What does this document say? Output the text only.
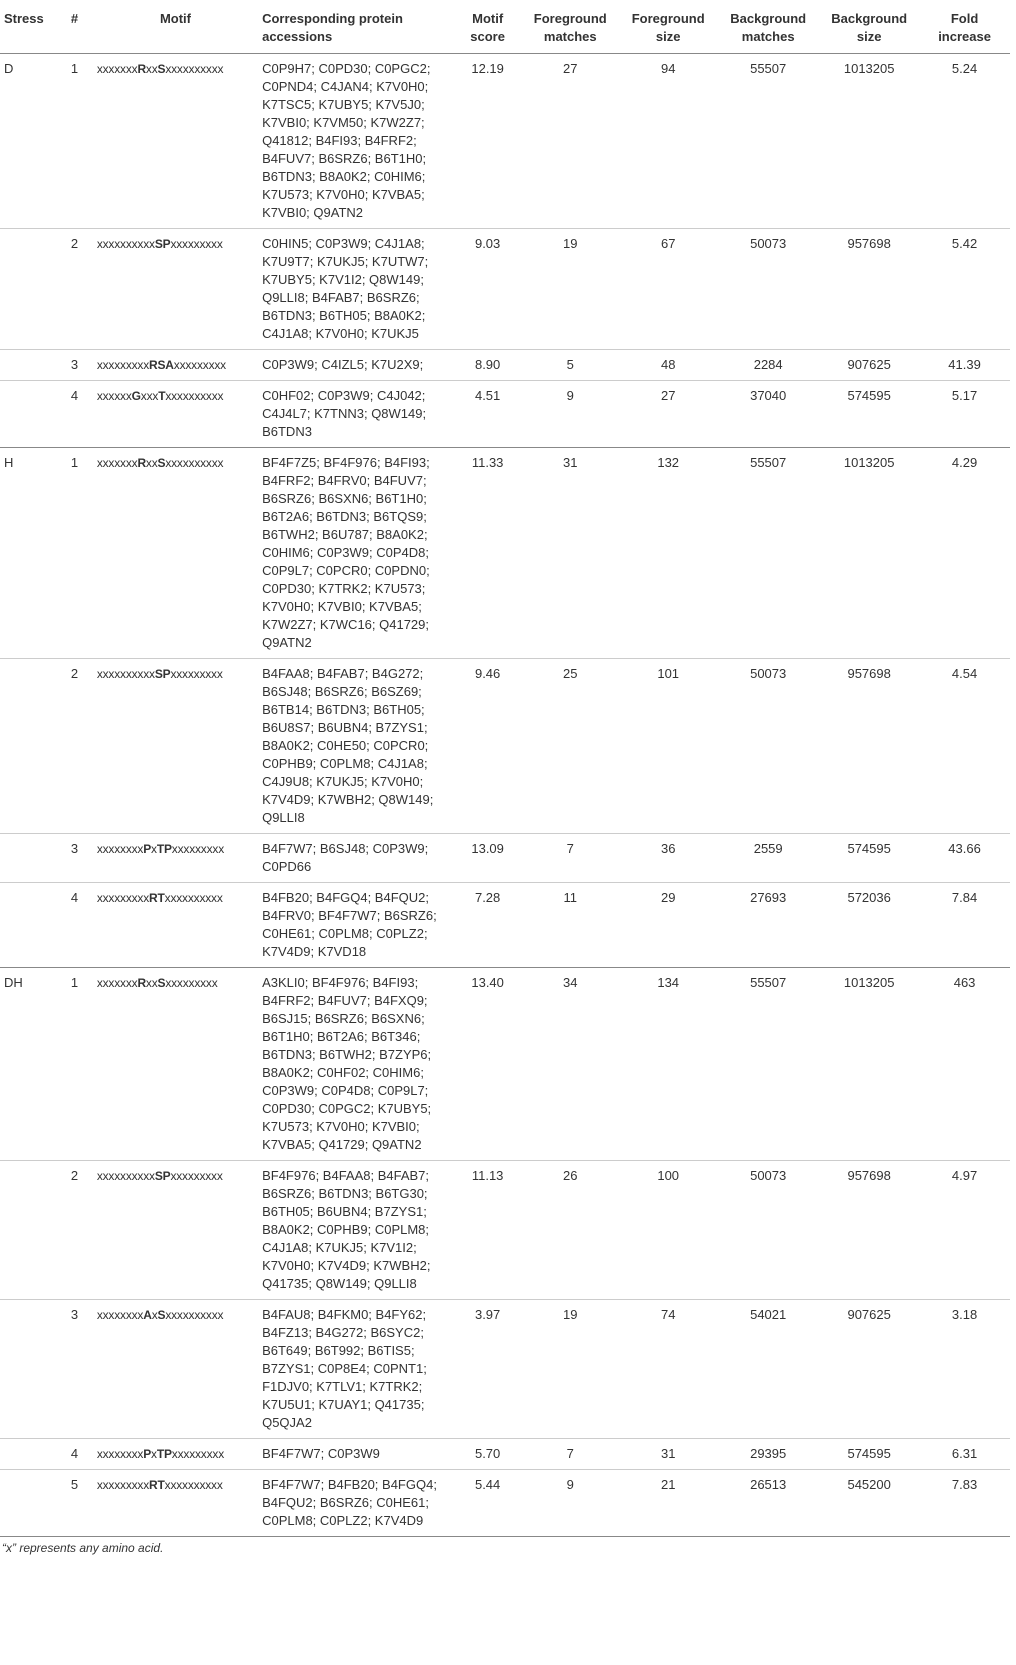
Stress	#	Motif	Corresponding protein accessions	Motif score	Foreground matches	Foreground size	Background matches	Background size	Fold increase
D	1	xxxxxxxRxxSxxxxxxxxxx	C0P9H7; C0PD30; C0PGC2; C0PND4; C4JAN4; K7V0H0; K7TSC5; K7UBY5; K7V5J0; K7VBI0; K7VM50; K7W2Z7; Q41812; B4FI93; B4FRF2; B4FUV7; B6SRZ6; B6T1H0; B6TDN3; B8A0K2; C0HIM6; K7U573; K7V0H0; K7VBA5; K7VBI0; Q9ATN2	12.19	27	94	55507	1013205	5.24
	2	xxxxxxxxxxSPxxxxxxxxx	C0HIN5; C0P3W9; C4J1A8; K7U9T7; K7UKJ5; K7UTW7; K7UBY5; K7V1I2; Q8W149; Q9LLI8; B4FAB7; B6SRZ6; B6TDN3; B6TH05; B8A0K2; C4J1A8; K7V0H0; K7UKJ5	9.03	19	67	50073	957698	5.42
	3	xxxxxxxxxRSAxxxxxxxxx	C0P3W9; C4IZL5; K7U2X9;	8.90	5	48	2284	907625	41.39
	4	xxxxxxGxxxTxxxxxxxxxx	C0HF02; C0P3W9; C4J042; C4J4L7; K7TNN3; Q8W149; B6TDN3	4.51	9	27	37040	574595	5.17
H	1	xxxxxxxRxxSxxxxxxxxxx	BF4F7Z5; BF4F976; B4FI93; B4FRF2; B4FRV0; B4FUV7; B6SRZ6; B6SXN6; B6T1H0; B6T2A6; B6TDN3; B6TQS9; B6TWH2; B6U787; B8A0K2; C0HIM6; C0P3W9; C0P4D8; C0P9L7; C0PCR0; C0PDN0; C0PD30; K7TRK2; K7U573; K7V0H0; K7VBI0; K7VBA5; K7W2Z7; K7WC16; Q41729; Q9ATN2	11.33	31	132	55507	1013205	4.29
	2	xxxxxxxxxxSPxxxxxxxxx	B4FAA8; B4FAB7; B4G272; B6SJ48; B6SRZ6; B6SZ69; B6TB14; B6TDN3; B6TH05; B6U8S7; B6UBN4; B7ZYS1; B8A0K2; C0HE50; C0PCR0; C0PHB9; C0PLM8; C4J1A8; C4J9U8; K7UKJ5; K7V0H0; K7V4D9; K7WBH2; Q8W149; Q9LLI8	9.46	25	101	50073	957698	4.54
	3	xxxxxxxxPxTPxxxxxxxxx	B4F7W7; B6SJ48; C0P3W9; C0PD66	13.09	7	36	2559	574595	43.66
	4	xxxxxxxxxRTxxxxxxxxxx	B4FB20; B4FGQ4; B4FQU2; B4FRV0; BF4F7W7; B6SRZ6; C0HE61; C0PLM8; C0PLZ2; K7V4D9; K7VD18	7.28	11	29	27693	572036	7.84
DH	1	xxxxxxxRxxSxxxxxxxxx	A3KLI0; BF4F976; B4FI93; B4FRF2; B4FUV7; B4FXQ9; B6SJ15; B6SRZ6; B6SXN6; B6T1H0; B6T2A6; B6T346; B6TDN3; B6TWH2; B7ZYP6; B8A0K2; C0HF02; C0HIM6; C0P3W9; C0P4D8; C0P9L7; C0PD30; C0PGC2; K7UBY5; K7U573; K7V0H0; K7VBI0; K7VBA5; Q41729; Q9ATN2	13.40	34	134	55507	1013205	463
	2	xxxxxxxxxxSPxxxxxxxxx	BF4F976; B4FAA8; B4FAB7; B6SRZ6; B6TDN3; B6TG30; B6TH05; B6UBN4; B7ZYS1; B8A0K2; C0PHB9; C0PLM8; C4J1A8; K7UKJ5; K7V1I2; K7V0H0; K7V4D9; K7WBH2; Q41735; Q8W149; Q9LLI8	11.13	26	100	50073	957698	4.97
	3	xxxxxxxxAxSxxxxxxxxxx	B4FAU8; B4FKM0; B4FY62; B4FZ13; B4G272; B6SYC2; B6T649; B6T992; B6TIS5; B7ZYS1; C0P8E4; C0PNT1; F1DJV0; K7TLV1; K7TRK2; K7U5U1; K7UAY1; Q41735; Q5QJA2	3.97	19	74	54021	907625	3.18
	4	xxxxxxxxPxTPxxxxxxxxx	BF4F7W7; C0P3W9	5.70	7	31	29395	574595	6.31
	5	xxxxxxxxxRTxxxxxxxxxx	BF4F7W7; B4FB20; B4FGQ4; B4FQU2; B6SRZ6; C0HE61; C0PLM8; C0PLZ2; K7V4D9	5.44	9	21	26513	545200	7.83
“x” represents any amino acid.
